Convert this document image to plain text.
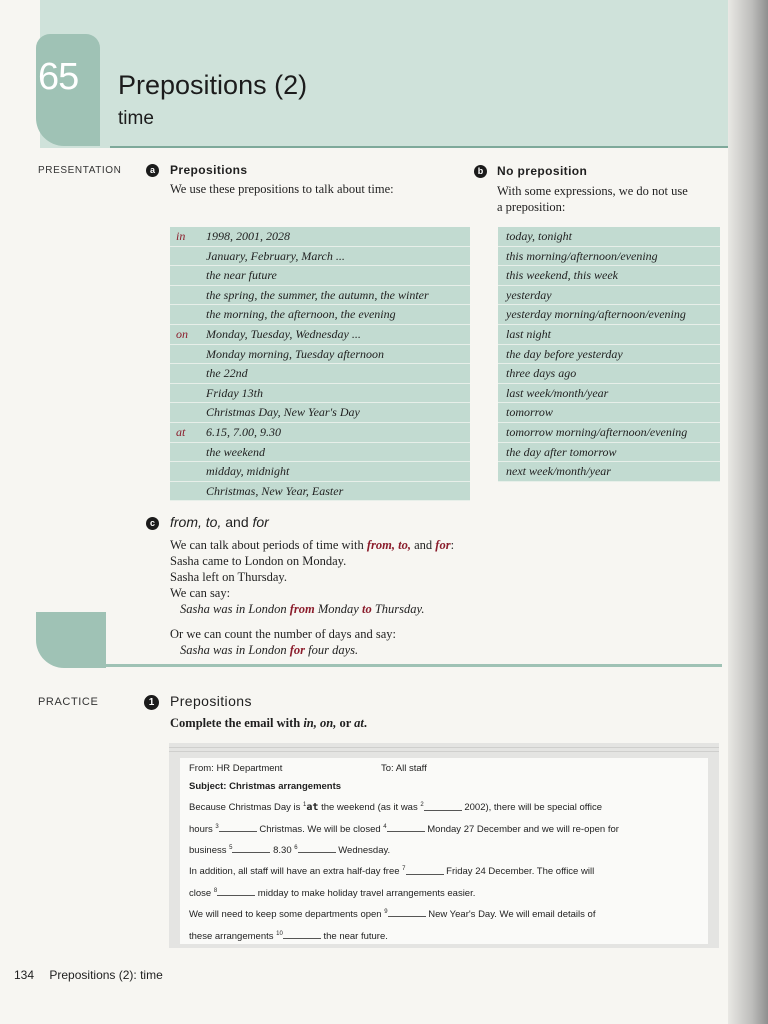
65 Prepositions (2)
time
PRESENTATION	a	Prepositions
We use these prepositions to talk about time:
b	No preposition
With some expressions, we do not use
a preposition:
in 1998, 2001, 2028
January, February, March ...
the near future
the spring, the summer, the autumn, the winter
the morning, the afternoon, the evening
on Monday, Tuesday, Wednesday ...
Monday morning, Tuesday afternoon
the 22nd
Friday 13th
Christmas Day, New Year's Day
at 6.15, 7.00, 9.30
the weekend
midday, midnight
Christmas, New Year, Easter
today, tonight
this morning/afternoon/evening
this weekend, this week
yesterday
yesterday morning/afternoon/evening
last night
the day before yesterday
three days ago
last week/month/year
tomorrow
tomorrow morning/afternoon/evening
the day after tomorrow
next week/month/year
c from, to, and for
We can talk about periods of time with from, to, and for:
Sasha came to London on Monday.
Sasha left on Thursday.
We can say:
Sasha was in London from Monday to Thursday.
Or we can count the number of days and say:
Sasha was in London for four days.
PRACTICE	1	Prepositions
Complete the email with in, on, or at.
From: HR Department	To: All staff
Subject: Christmas arrangements
Because Christmas Day is $^1$at the weekend (as it was $^2$	2002), there will be special office
hours $^3$	Christmas. We will be closed $^4$	Monday 27 December and we will re-open for
business $^5$	8.30 $^6$	Wednesday.
In addition, all staff will have an extra half-day free $^7$	Friday 24 December. The office will
close $^8$	midday to make holiday travel arrangements easier.
We will need to keep some departments open $^9$	New Year's Day. We will email details of
these arrangements $^{10}$	the near future.
134 Prepositions (2): time
